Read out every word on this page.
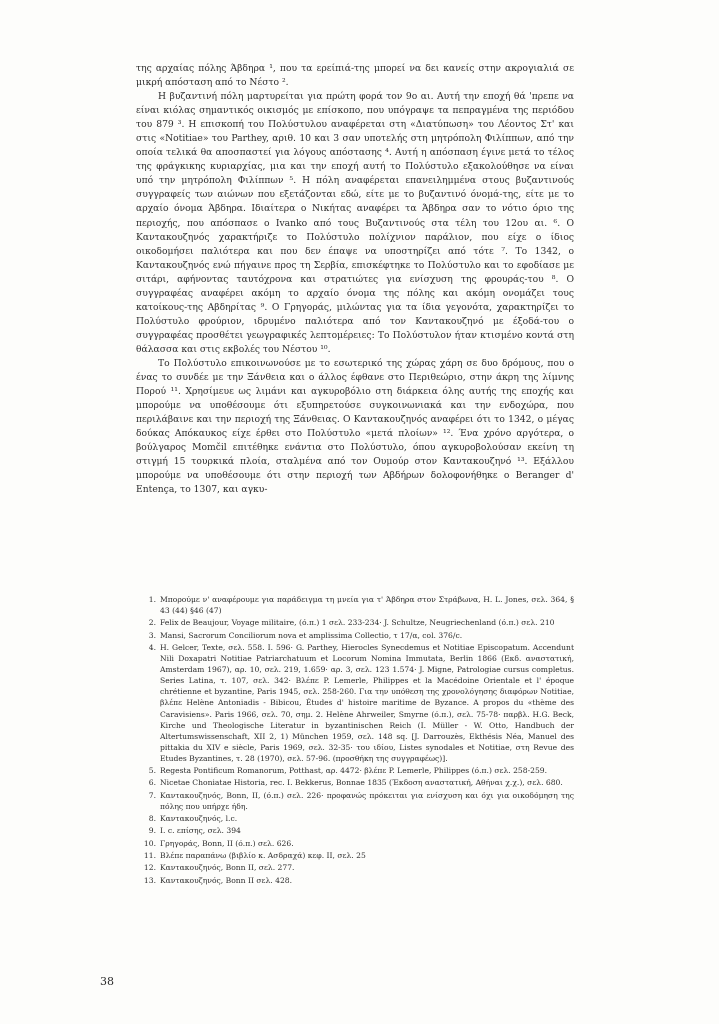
της αρχαίας πόλης Άβδηρα ¹, που τα ερείπιά-της μπορεί να δει κανείς στην ακρογιαλιά σε μικρή απόσταση από το Νέστο ².

Η βυζαντινή πόλη μαρτυρείται για πρώτη φορά τον 9ο αι. Αυτή την εποχή θά 'πρεπε να είναι κιόλας σημαντικός οικισμός με επίσκοπο, που υπόγραψε τα πεπραγμένα της περιόδου του 879 ³. Η επισκοπή του Πολύστυλου αναφέρεται στη «Διατύπωση» του Λέοντος Στ' και στις «Notitiae» του Parthey, αριθ. 10 και 3 σαν υποτελής στη μητρόπολη Φιλίππων, από την οποία τελικά θα αποσπαστεί για λόγους απόστασης ⁴. Αυτή η απόσπαση έγινε μετά το τέλος της φράγκικης κυριαρχίας, μια και την εποχή αυτή το Πολύστυλο εξακολούθησε να είναι υπό την μητρόπολη Φιλίππων ⁵. Η πόλη αναφέρεται επανειλημμένα στους βυζαντινούς συγγραφείς των αιώνων που εξετάζονται εδώ, είτε με το βυζαντινό όνομά-της, είτε με το αρχαίο όνομα Άβδηρα. Ιδιαίτερα ο Νικήτας αναφέρει τα Άβδηρα σαν το νότιο όριο της περιοχής, που απόσπασε ο Ivanko από τους Βυζαντινούς στα τέλη του 12ου αι. ⁶. Ο Καντακουζηνός χαρακτήριζε το Πολύστυλο πολίχνιον παράλιον, που είχε ο ίδιος οικοδομήσει παλιότερα και που δεν έπαψε να υποστηρίζει από τότε ⁷. Το 1342, ο Καντακουζηνός ενώ πήγαινε προς τη Σερβία, επισκέφτηκε το Πολύστυλο και το εφοδίασε με σιτάρι, αφήνοντας ταυτόχρονα και στρατιώτες για ενίσχυση της φρουράς-του ⁸. Ο συγγραφέας αναφέρει ακόμη το αρχαίο όνομα της πόλης και ακόμη ονομάζει τους κατοίκους-της Αβδηρίτας ⁹. Ο Γρηγοράς, μιλώντας για τα ίδια γεγονότα, χαρακτηρίζει το Πολύστυλο φρούριον, ιδρυμένο παλιότερα από τον Καντακουζηνό με έξοδά-του ο συγγραφέας προσθέτει γεωγραφικές λεπτομέρειες: Το Πολύστυλον ήταν κτισμένο κοντά στη θάλασσα και στις εκβολές του Νέστου ¹⁰.

Το Πολύστυλο επικοινωνούσε με το εσωτερικό της χώρας χάρη σε δυο δρόμους, που ο ένας το συνδέε με την Ξάνθεια και ο άλλος έφθανε στο Περιθεώριο, στην άκρη της λίμνης Πορού ¹¹. Χρησίμευε ως λιμάνι και αγκυροβόλιο στη διάρκεια όλης αυτής της εποχής και μπορούμε να υποθέσουμε ότι εξυπηρετούσε συγκοινωνιακά και την ενδοχώρα, που περιλάβαινε και την περιοχή της Ξάνθειας. Ο Καντακουζηνός αναφέρει ότι το 1342, ο μέγας δούκας Απόκαυκος είχε έρθει στο Πολύστυλο «μετά πλοίων» ¹². Ένα χρόνο αργότερα, ο βούλγαρος Momčil επιτέθηκε ενάντια στο Πολύστυλο, όπου αγκυροβολούσαν εκείνη τη στιγμή 15 τουρκικά πλοία, σταλμένα από τον Ουμούρ στον Καντακουζηνό ¹³. Εξάλλου μπορούμε να υποθέσουμε ότι στην περιοχή των Αβδήρων δολοφονήθηκε ο Beranger d' Entença, το 1307, και αγκυ-

1. Μπορούμε ν' αναφέρουμε για παράδειγμα τη μνεία για τ' Άβδηρα στον Στράβωνα, H. L. Jones, σελ. 364, § 43 (44) §46 (47)
2. Felix de Beaujour, Voyage militaire, (ό.π.) 1 σελ. 233-234· J. Schultze, Neugriechenland (ό.π.) σελ. 210
3. Mansi, Sacrorum Conciliorum nova et amplissima Collectio, τ 17/α, col. 376/c.
4. H. Gelcer, Texte, σελ. 558. I. 596· G. Parthey, Hierocles Synecdemus et Notitiae Episcopatum. Accendunt Nili Doxapatri Notitiae Patriarchatuum et Locorum Nomina Immutata, Berlin 1866 (Εκδ. αναστατική, Amsterdam 1967), αρ. 10, σελ. 219, 1.659· αρ. 3, σελ. 123 1.574· J. Migne, Patrologiae cursus completus. Series Latina, τ. 107, σελ. 342· Βλέπε P. Lemerle, Philippes et la Macédoine Orientale et l' époque chrétienne et byzantine, Paris 1945, σελ. 258-260. Για την υπόθεση της χρονολόγησης διαφόρων Notitiae, βλέπε Helène Antoniadis - Bibicou, Études d' histoire maritime de Byzance. A propos du «thème des Caravisiens». Paris 1966, σελ. 70, σημ. 2. Helène Ahrweiler, Smyrne (ό.π.), σελ. 75-78· παρβλ. H.G. Beck, Kirche und Theologische Literatur in byzantinischen Reich (I. Müller - W. Otto, Handbuch der Altertumswissenschaft, XII 2, 1) München 1959, σελ. 148 sq. [J. Darrouzès, Ekthésis Néa, Manuel des pittakia du XIV e siècle, Paris 1969, σελ. 32-35· του ιδίου, Listes synodales et Notitiae, στη Revue des Etudes Byzantines, τ. 28 (1970), σελ. 57-96. (προσθήκη της συγγραφέως)].
5. Regesta Pontificum Romanorum, Potthast, αρ. 4472· βλέπε P. Lemerle, Philippes (ό.π.) σελ. 258-259.
6. Nicetae Choniatae Historia, rec. I. Bekkerus, Bonnae 1835 (Έκδοση αναστατική, Αθήναι χ.χ.), σελ. 680.
7. Καντακουζηνός, Bonn, II, (ό.π.) σελ. 226· προφανώς πρόκειται για ενίσχυση και όχι για οικοδόμηση της πόλης που υπήρχε ήδη.
8. Καντακουζηνός, l.c.
9. I. c. επίσης, σελ. 394
10. Γρηγοράς, Bonn, II (ό.π.) σελ. 626.
11. Βλέπε παραπάνω (βιβλίο κ. Ασδραχά) κεφ. II, σελ. 25
12. Καντακουζηνός, Bonn II, σελ. 277.
13. Καντακουζηνός, Bonn II σελ. 428.
38
